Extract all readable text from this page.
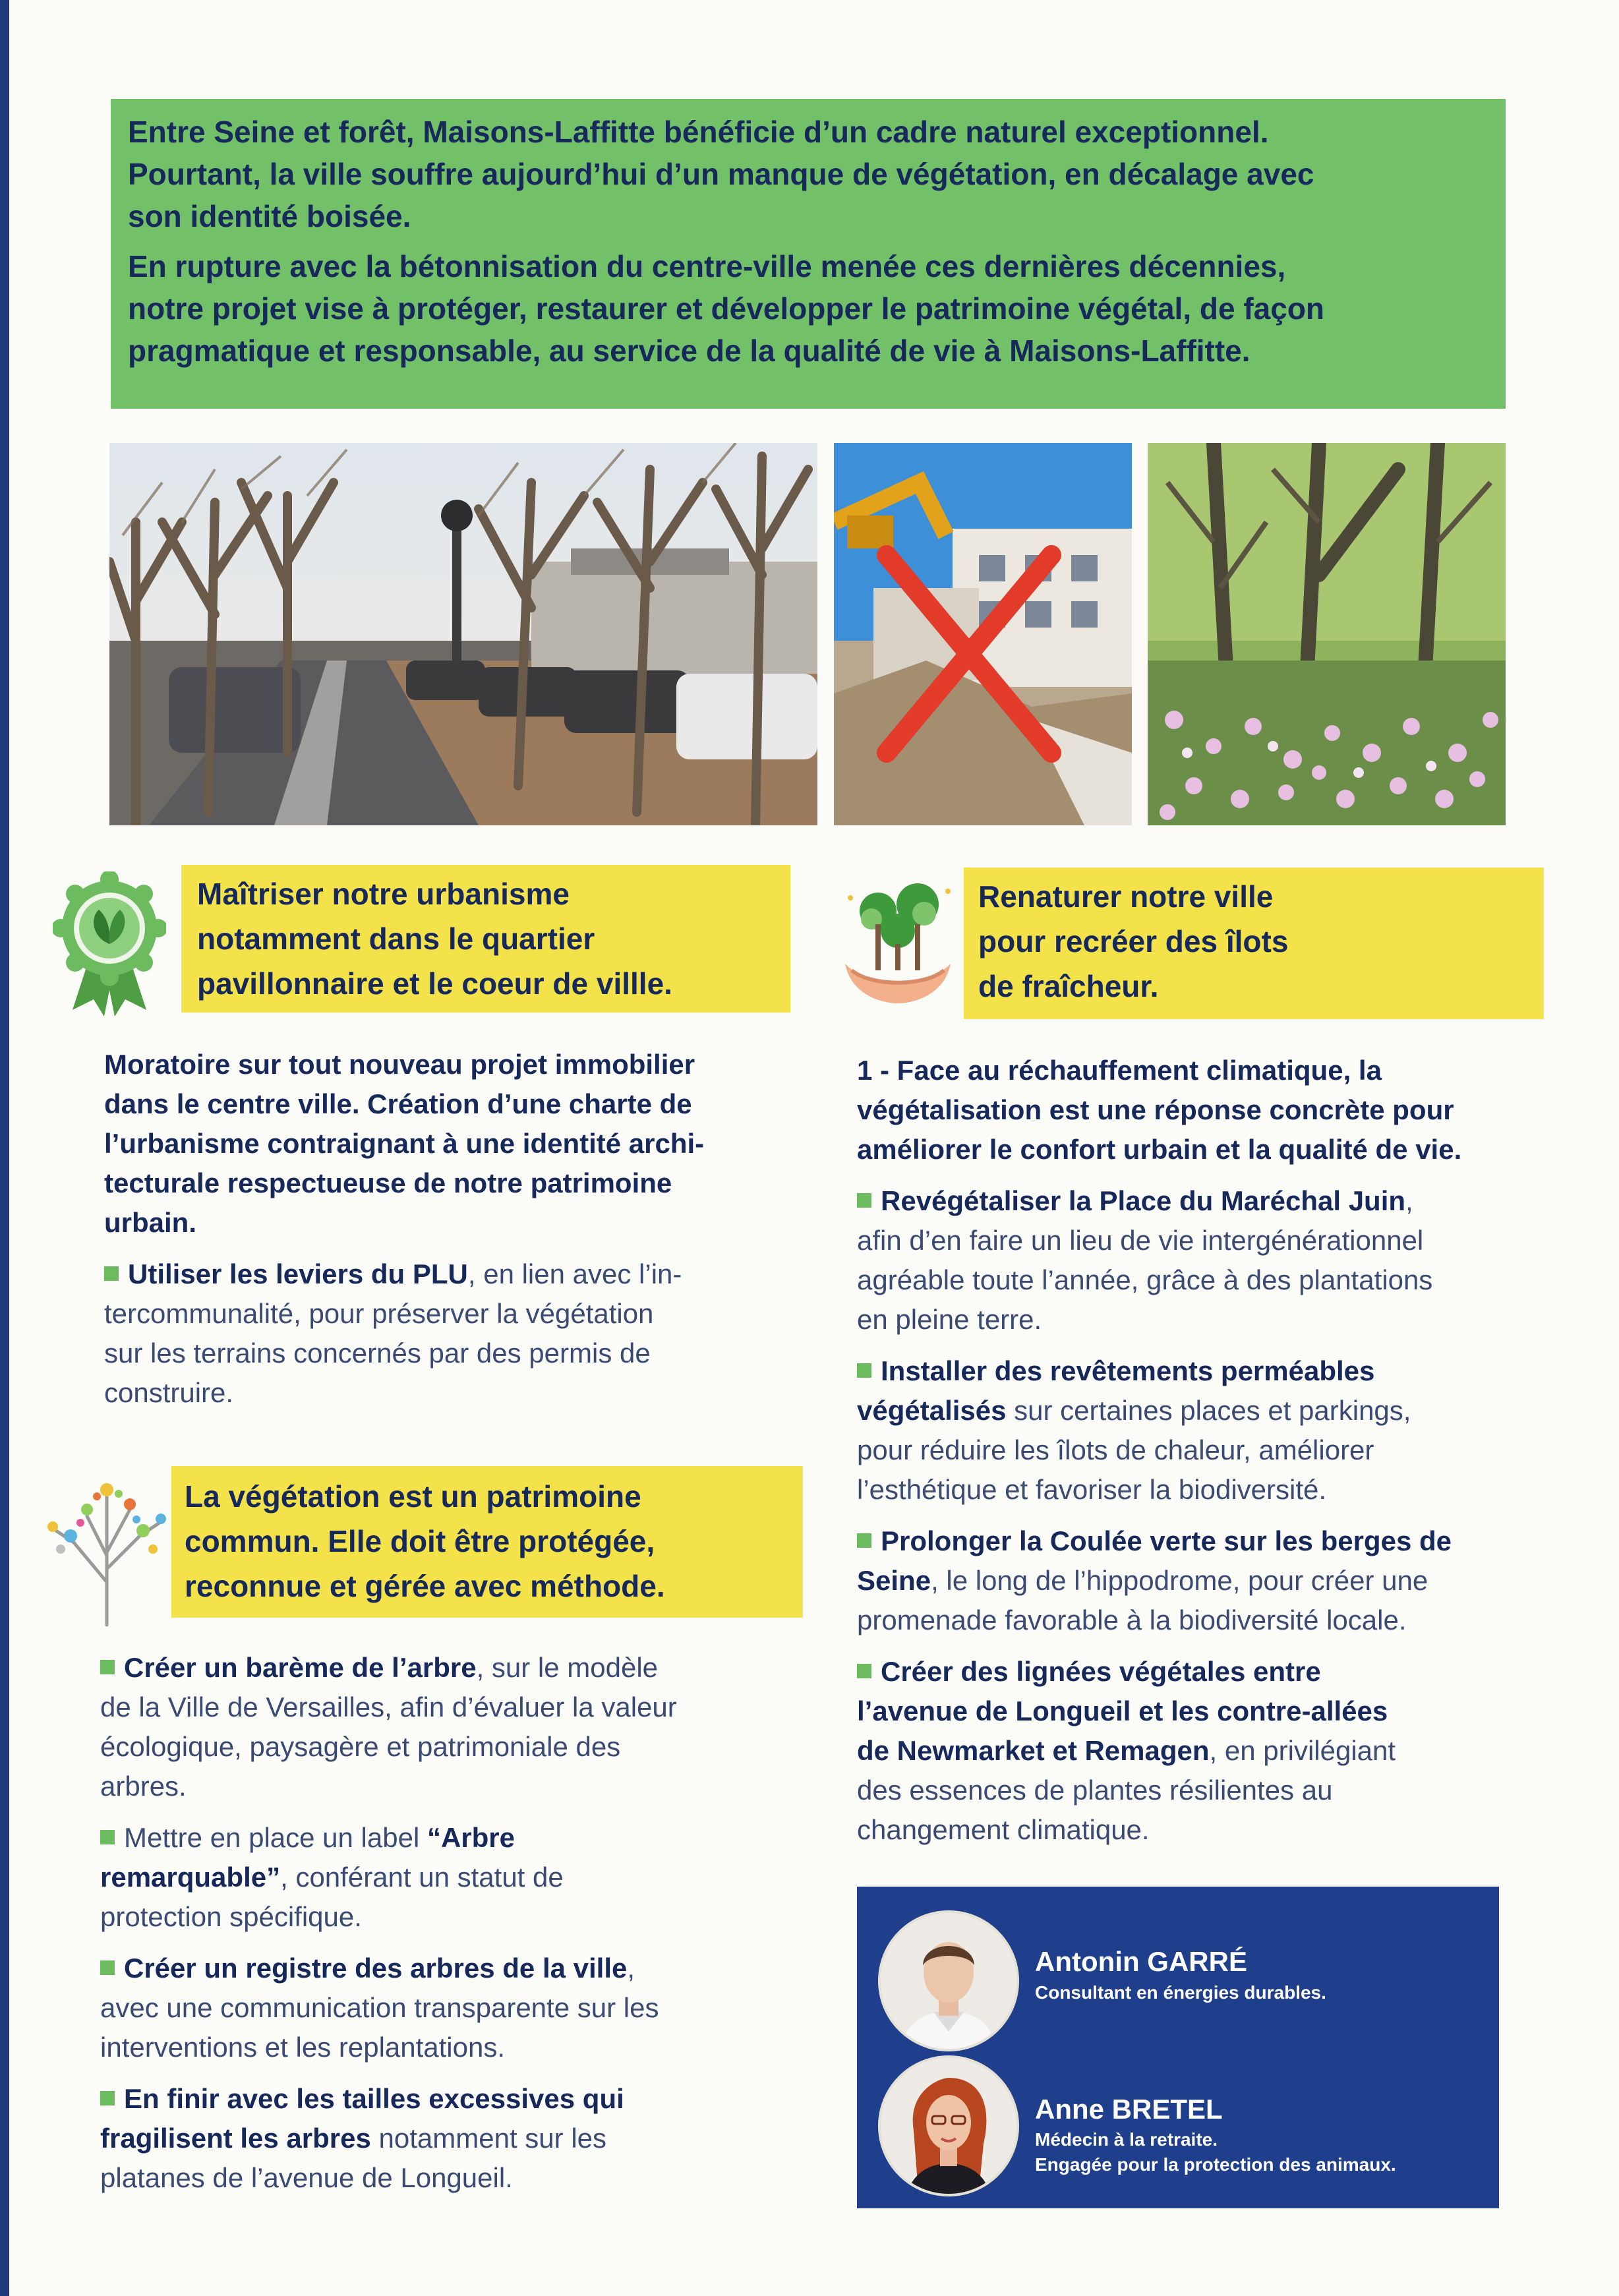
Entre Seine et forêt, Maisons-Laffitte bénéficie d’un cadre naturel exceptionnel.
Pourtant, la ville souffre aujourd’hui d’un manque de végétation, en décalage avec
son identité boisée.

En rupture avec la bétonnisation du centre-ville menée ces dernières décennies,
notre projet vise à protéger, restaurer et développer le patrimoine végétal, de façon
pragmatique et responsable, au service de la qualité de vie à Maisons-Laffitte.

Maîtriser notre urbanisme
notamment dans le quartier
pavillonnaire et le coeur de villle.
Renaturer notre ville
pour recréer des îlots
de fraîcheur.

Moratoire sur tout nouveau projet immobilier
dans le centre ville. Création d’une charte de
l’urbanisme contraignant à une identité archi-
tecturale respectueuse de notre patrimoine
urbain.

Utiliser les leviers du PLU, en lien avec l’in-
tercommunalité, pour préserver la végétation
sur les terrains concernés par des permis de
construire.

La végétation est un patrimoine
commun. Elle doit être protégée,
reconnue et gérée avec méthode.

Créer un barème de l’arbre, sur le modèle
de la Ville de Versailles, afin d’évaluer la valeur
écologique, paysagère et patrimoniale des
arbres.

Mettre en place un label “Arbre
remarquable”, conférant un statut de
protection spécifique.

Créer un registre des arbres de la ville,
avec une communication transparente sur les
interventions et les replantations.

En finir avec les tailles excessives qui
fragilisent les arbres notamment sur les
platanes de l’avenue de Longueil.

1 - Face au réchauffement climatique, la
végétalisation est une réponse concrète pour
améliorer le confort urbain et la qualité de vie.

Revégétaliser la Place du Maréchal Juin,
afin d’en faire un lieu de vie intergénérationnel
agréable toute l’année, grâce à des plantations
en pleine terre.

Installer des revêtements perméables
végétalisés sur certaines places et parkings,
pour réduire les îlots de chaleur, améliorer
l’esthétique et favoriser la biodiversité.

Prolonger la Coulée verte sur les berges de
Seine, le long de l’hippodrome, pour créer une
promenade favorable à la biodiversité locale.

Créer des lignées végétales entre
l’avenue de Longueil et les contre-allées
de Newmarket et Remagen, en privilégiant
des essences de plantes résilientes au
changement climatique.

Antonin GARRÉ
Consultant en énergies durables.
Anne BRETEL
Médecin à la retraite.
Engagée pour la protection des animaux.
